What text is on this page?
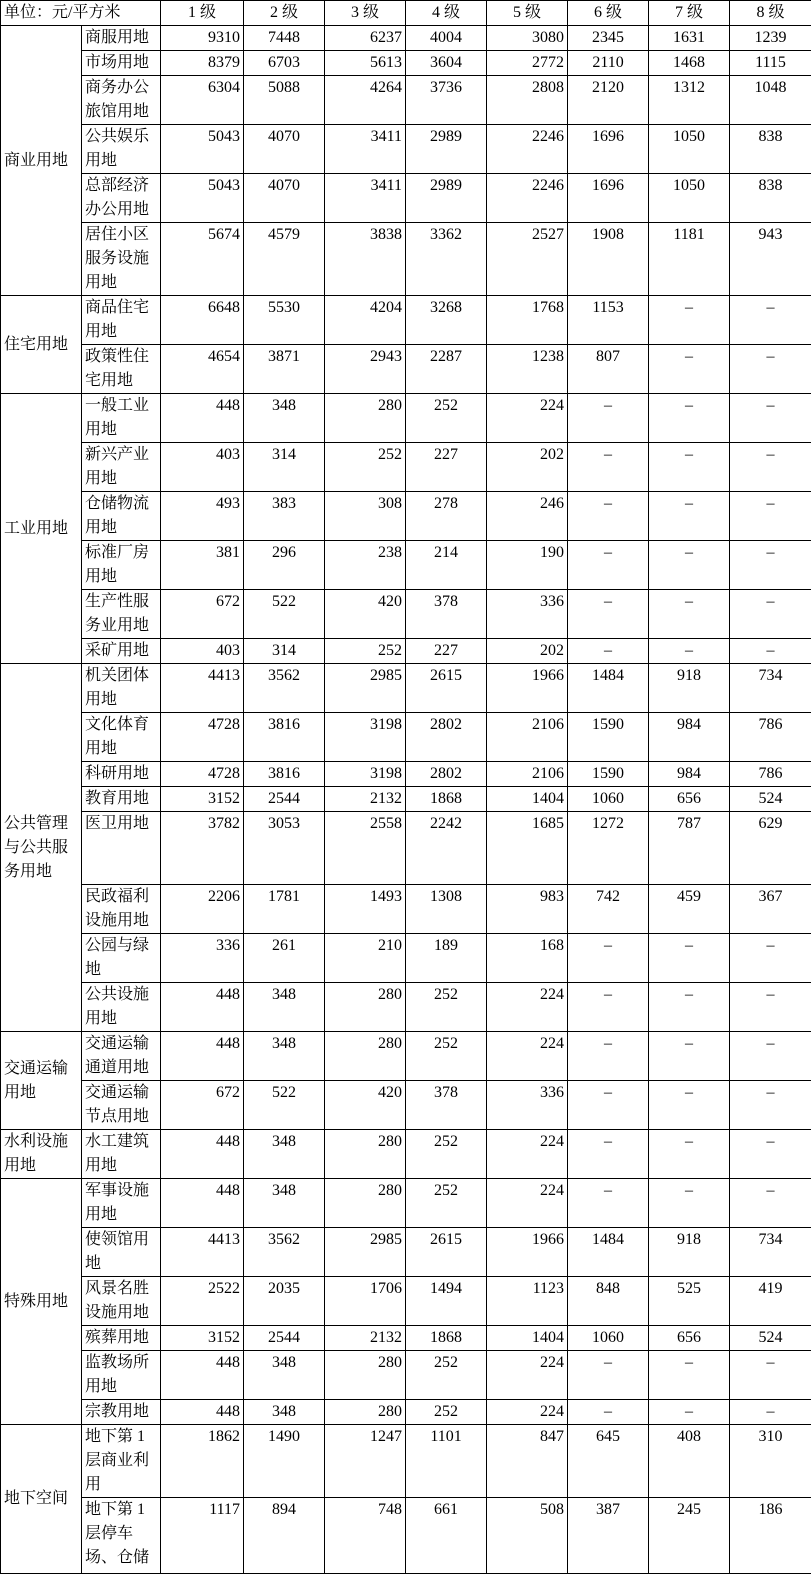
单位：元/平方米		1 级	2 级	3 级	4 级	5 级	6 级	7 级	8 级
商业用地	商服用地	9310	7448	6237	4004	3080	2345	1631	1239
	市场用地	8379	6703	5613	3604	2772	2110	1468	1115
	商务办公旅馆用地	6304	5088	4264	3736	2808	2120	1312	1048
	公共娱乐用地	5043	4070	3411	2989	2246	1696	1050	838
	总部经济办公用地	5043	4070	3411	2989	2246	1696	1050	838
	居住小区服务设施用地	5674	4579	3838	3362	2527	1908	1181	943
住宅用地	商品住宅用地	6648	5530	4204	3268	1768	1153	–	–
	政策性住宅用地	4654	3871	2943	2287	1238	807	–	–
工业用地	一般工业用地	448	348	280	252	224	–	–	–
	新兴产业用地	403	314	252	227	202	–	–	–
	仓储物流用地	493	383	308	278	246	–	–	–
	标准厂房用地	381	296	238	214	190	–	–	–
	生产性服务业用地	672	522	420	378	336	–	–	–
	采矿用地	403	314	252	227	202	–	–	–
公共管理与公共服务用地	机关团体用地	4413	3562	2985	2615	1966	1484	918	734
	文化体育用地	4728	3816	3198	2802	2106	1590	984	786
	科研用地	4728	3816	3198	2802	2106	1590	984	786
	教育用地	3152	2544	2132	1868	1404	1060	656	524
	医卫用地	3782	3053	2558	2242	1685	1272	787	629
	民政福利设施用地	2206	1781	1493	1308	983	742	459	367
	公园与绿地	336	261	210	189	168	–	–	–
	公共设施用地	448	348	280	252	224	–	–	–
交通运输用地	交通运输通道用地	448	348	280	252	224	–	–	–
	交通运输节点用地	672	522	420	378	336	–	–	–
水利设施用地	水工建筑用地	448	348	280	252	224	–	–	–
特殊用地	军事设施用地	448	348	280	252	224	–	–	–
	使领馆用地	4413	3562	2985	2615	1966	1484	918	734
	风景名胜设施用地	2522	2035	1706	1494	1123	848	525	419
	殡葬用地	3152	2544	2132	1868	1404	1060	656	524
	监教场所用地	448	348	280	252	224	–	–	–
	宗教用地	448	348	280	252	224	–	–	–
地下空间	地下第 1 层商业利用	1862	1490	1247	1101	847	645	408	310
	地下第 1 层停车场、仓储	1117	894	748	661	508	387	245	186
